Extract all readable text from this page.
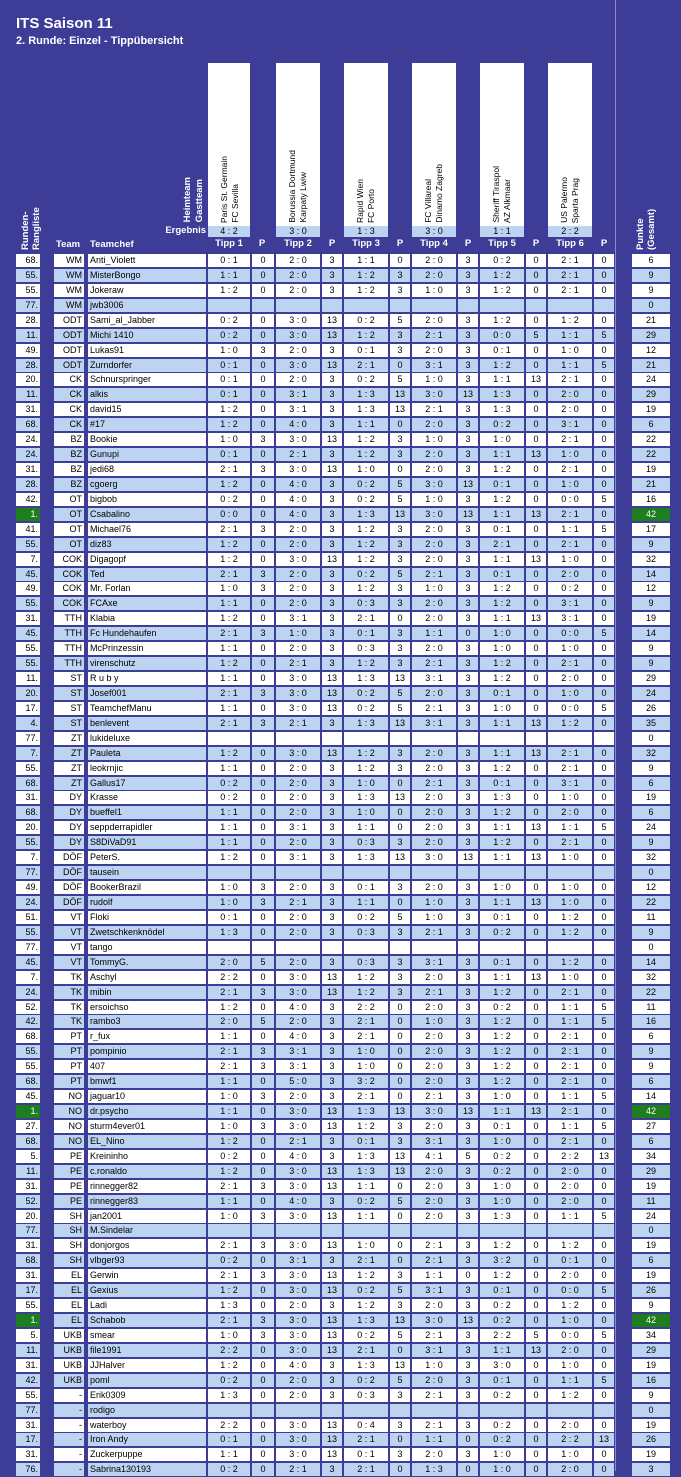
ITS Saison 11
2. Runde: Einzel - Tippübersicht
Paris St. Germain FC Sevilla
4 : 2
Tipp 1	P
Borussia Dortmund Karpaty Lwiw
3 : 0
Tipp 2	P
Rapid Wien FC Porto
1 : 3
Tipp 3	P
FC Villareal Dinamo Zagreb
3 : 0
Tipp 4	P
Sheriff Tiraspol AZ Alkmaar
1 : 1
Tipp 5	P
US Palermo Sparta Prag
2 : 2
Tipp 6	P
Heimteam Gastteam
Ergebnis
Runden-Rangliste Team Teamchef	Punkte (Gesamt)
68.	WM Anti_Violett	0 : 1	0	2 : 0	3	1 : 1	0	2 : 0	3	0 : 2	0	2 : 1	0	6
55.	WM MisterBongo	1 : 1	0	2 : 0	3	1 : 2	3	2 : 0	3	1 : 2	0	2 : 1	0	9
55.	WM Jokeraw	1 : 2	0	2 : 0	3	1 : 2	3	1 : 0	3	1 : 2	0	2 : 1	0	9
77.	WM jwb3006	0
28.	ODT Sami_al_Jabber	0 : 2	0	3 : 0	13	0 : 2	5	2 : 0	3	1 : 2	0	1 : 2	0	21
11.	ODT Michi 1410	0 : 2	0	3 : 0	13	1 : 2	3	2 : 1	3	0 : 0	5	1 : 1	5	29
49.	ODT Lukas91	1 : 0	3	2 : 0	3	0 : 1	3	2 : 0	3	0 : 1	0	1 : 0	0	12
28.	ODT Zurndorfer	0 : 1	0	3 : 0	13	2 : 1	0	3 : 1	3	1 : 2	0	1 : 1	5	21
20.	CK Schnurspringer	0 : 1	0	2 : 0	3	0 : 2	5	1 : 0	3	1 : 1	13	2 : 1	0	24
11.	CK alkis	0 : 1	0	3 : 1	3	1 : 3	13	3 : 0	13	1 : 3	0	2 : 0	0	29
31.	CK david15	1 : 2	0	3 : 1	3	1 : 3	13	2 : 1	3	1 : 3	0	2 : 0	0	19
68.	CK #17	1 : 2	0	4 : 0	3	1 : 1	0	2 : 0	3	0 : 2	0	3 : 1	0	6
24.	BZ Bookie	1 : 0	3	3 : 0	13	1 : 2	3	1 : 0	3	1 : 0	0	2 : 1	0	22
24.	BZ Gunupi	0 : 1	0	2 : 1	3	1 : 2	3	2 : 0	3	1 : 1	13	1 : 0	0	22
31.	BZ jedi68	2 : 1	3	3 : 0	13	1 : 0	0	2 : 0	3	1 : 2	0	2 : 1	0	19
28.	BZ cgoerg	1 : 2	0	4 : 0	3	0 : 2	5	3 : 0	13	0 : 1	0	1 : 0	0	21
42.	OT bigbob	0 : 2	0	4 : 0	3	0 : 2	5	1 : 0	3	1 : 2	0	0 : 0	5	16
1.	OT Csabalino	0 : 0	0	4 : 0	3	1 : 3	13	3 : 0	13	1 : 1	13	2 : 1	0	42
41.	OT Michael76	2 : 1	3	2 : 0	3	1 : 2	3	2 : 0	3	0 : 1	0	1 : 1	5	17
55.	OT diz83	1 : 2	0	2 : 0	3	1 : 2	3	2 : 0	3	2 : 1	0	2 : 1	0	9
7.	COK Digagopf	1 : 2	0	3 : 0	13	1 : 2	3	2 : 0	3	1 : 1	13	1 : 0	0	32
45.	COK Ted	2 : 1	3	2 : 0	3	0 : 2	5	2 : 1	3	0 : 1	0	2 : 0	0	14
49.	COK Mr. Forlan	1 : 0	3	2 : 0	3	1 : 2	3	1 : 0	3	1 : 2	0	0 : 2	0	12
55.	COK FCAxe	1 : 1	0	2 : 0	3	0 : 3	3	2 : 0	3	1 : 2	0	3 : 1	0	9
31.	TTH Klabia	1 : 2	0	3 : 1	3	2 : 1	0	2 : 0	3	1 : 1	13	3 : 1	0	19
45.	TTH Fc Hundehaufen	2 : 1	3	1 : 0	3	0 : 1	3	1 : 1	0	1 : 0	0	0 : 0	5	14
55.	TTH McPrinzessin	1 : 1	0	2 : 0	3	0 : 3	3	2 : 0	3	1 : 0	0	1 : 0	0	9
55.	TTH virenschutz	1 : 2	0	2 : 1	3	1 : 2	3	2 : 1	3	1 : 2	0	2 : 1	0	9
11.	ST R u b y	1 : 1	0	3 : 0	13	1 : 3	13	3 : 1	3	1 : 2	0	2 : 0	0	29
20.	ST Josef001	2 : 1	3	3 : 0	13	0 : 2	5	2 : 0	3	0 : 1	0	1 : 0	0	24
17.	ST TeamchefManu	1 : 1	0	3 : 0	13	0 : 2	5	2 : 1	3	1 : 0	0	0 : 0	5	26
4.	ST benlevent	2 : 1	3	2 : 1	3	1 : 3	13	3 : 1	3	1 : 1	13	1 : 2	0	35
77.	ZT lukideluxe	0
7.	ZT Pauleta	1 : 2	0	3 : 0	13	1 : 2	3	2 : 0	3	1 : 1	13	2 : 1	0	32
55.	ZT leokrnjic	1 : 1	0	2 : 0	3	1 : 2	3	2 : 0	3	1 : 2	0	2 : 1	0	9
68.	ZT Gallus17	0 : 2	0	2 : 0	3	1 : 0	0	2 : 1	3	0 : 1	0	3 : 1	0	6
31.	DY Krasse	0 : 2	0	2 : 0	3	1 : 3	13	2 : 0	3	1 : 3	0	1 : 0	0	19
68.	DY bueffel1	1 : 1	0	2 : 0	3	1 : 0	0	2 : 0	3	1 : 2	0	2 : 0	0	6
20.	DY seppderrapidler	1 : 1	0	3 : 1	3	1 : 1	0	2 : 0	3	1 : 1	13	1 : 1	5	24
55.	DY S8DiVaD91	1 : 1	0	2 : 0	3	0 : 3	3	2 : 0	3	1 : 2	0	2 : 1	0	9
7.	DÖF PeterS.	1 : 2	0	3 : 1	3	1 : 3	13	3 : 0	13	1 : 1	13	1 : 0	0	32
77.	DÖF tausein	0
49.	DÖF BookerBrazil	1 : 0	3	2 : 0	3	0 : 1	3	2 : 0	3	1 : 0	0	1 : 0	0	12
24.	DÖF rudolf	1 : 0	3	2 : 1	3	1 : 1	0	1 : 0	3	1 : 1	13	1 : 0	0	22
51.	VT Floki	0 : 1	0	2 : 0	3	0 : 2	5	1 : 0	3	0 : 1	0	1 : 2	0	11
55.	VT Zwetschkenknödel	1 : 3	0	2 : 0	3	0 : 3	3	2 : 1	3	0 : 2	0	1 : 2	0	9
77.	VT tango	0
45.	VT TommyG.	2 : 0	5	2 : 0	3	0 : 3	3	3 : 1	3	0 : 1	0	1 : 2	0	14
7.	TK Aschyl	2 : 2	0	3 : 0	13	1 : 2	3	2 : 0	3	1 : 1	13	1 : 0	0	32
24.	TK mibin	2 : 1	3	3 : 0	13	1 : 2	3	2 : 1	3	1 : 2	0	2 : 1	0	22
52.	TK ersoichso	1 : 2	0	4 : 0	3	2 : 2	0	2 : 0	3	0 : 2	0	1 : 1	5	11
42.	TK rambo3	2 : 0	5	2 : 0	3	2 : 1	0	1 : 0	3	1 : 2	0	1 : 1	5	16
68.	PT r_fux	1 : 1	0	4 : 0	3	2 : 1	0	2 : 0	3	1 : 2	0	2 : 1	0	6
55.	PT pompinio	2 : 1	3	3 : 1	3	1 : 0	0	2 : 0	3	1 : 2	0	2 : 1	0	9
55.	PT 407	2 : 1	3	3 : 1	3	1 : 0	0	2 : 0	3	1 : 2	0	2 : 1	0	9
68.	PT bmwf1	1 : 1	0	5 : 0	3	3 : 2	0	2 : 0	3	1 : 2	0	2 : 1	0	6
45.	NO jaguar10	1 : 0	3	2 : 0	3	2 : 1	0	2 : 1	3	1 : 0	0	1 : 1	5	14
1.	NO dr.psycho	1 : 1	0	3 : 0	13	1 : 3	13	3 : 0	13	1 : 1	13	2 : 1	0	42
27.	NO sturm4ever01	1 : 0	3	3 : 0	13	1 : 2	3	2 : 0	3	0 : 1	0	1 : 1	5	27
68.	NO EL_Nino	1 : 2	0	2 : 1	3	0 : 1	3	3 : 1	3	1 : 0	0	2 : 1	0	6
5.	PE Kreininho	0 : 2	0	4 : 0	3	1 : 3	13	4 : 1	5	0 : 2	0	2 : 2	13	34
11.	PE c.ronaldo	1 : 2	0	3 : 0	13	1 : 3	13	2 : 0	3	0 : 2	0	2 : 0	0	29
31.	PE rinnegger82	2 : 1	3	3 : 0	13	1 : 1	0	2 : 0	3	1 : 0	0	2 : 0	0	19
52.	PE rinnegger83	1 : 1	0	4 : 0	3	0 : 2	5	2 : 0	3	1 : 0	0	2 : 0	0	11
20.	SH jan2001	1 : 0	3	3 : 0	13	1 : 1	0	2 : 0	3	1 : 3	0	1 : 1	5	24
77.	SH M.Sindelar	0
31.	SH donjorgos	2 : 1	3	3 : 0	13	1 : 0	0	2 : 1	3	1 : 2	0	1 : 2	0	19
68.	SH vlbger93	0 : 2	0	3 : 1	3	2 : 1	0	2 : 1	3	3 : 2	0	0 : 1	0	6
31.	EL Gerwin	2 : 1	3	3 : 0	13	1 : 2	3	1 : 1	0	1 : 2	0	2 : 0	0	19
17.	EL Gexius	1 : 2	0	3 : 0	13	0 : 2	5	3 : 1	3	0 : 1	0	0 : 0	5	26
55.	EL Ladi	1 : 3	0	2 : 0	3	1 : 2	3	2 : 0	3	0 : 2	0	1 : 2	0	9
1.	EL Schabob	2 : 1	3	3 : 0	13	1 : 3	13	3 : 0	13	0 : 2	0	1 : 0	0	42
5.	UKB smear	1 : 0	3	3 : 0	13	0 : 2	5	2 : 1	3	2 : 2	5	0 : 0	5	34
11.	UKB file1991	2 : 2	0	3 : 0	13	2 : 1	0	3 : 1	3	1 : 1	13	2 : 0	0	29
31.	UKB JJHalver	1 : 2	0	4 : 0	3	1 : 3	13	1 : 0	3	3 : 0	0	1 : 0	0	19
42.	UKB poml	0 : 2	0	2 : 0	3	0 : 2	5	2 : 0	3	0 : 1	0	1 : 1	5	16
55.	- Erik0309	1 : 3	0	2 : 0	3	0 : 3	3	2 : 1	3	0 : 2	0	1 : 2	0	9
77.	- rodigo	0
31.	- waterboy	2 : 2	0	3 : 0	13	0 : 4	3	2 : 1	3	0 : 2	0	2 : 0	0	19
17.	- Iron Andy	0 : 1	0	3 : 0	13	2 : 1	0	1 : 1	0	0 : 2	0	2 : 2	13	26
31.	- Zuckerpuppe	1 : 1	0	3 : 0	13	0 : 1	3	2 : 0	3	1 : 0	0	1 : 0	0	19
76.	- Sabrina130193	0 : 2	0	2 : 1	3	2 : 1	0	1 : 3	0	1 : 0	0	2 : 0	0	3
